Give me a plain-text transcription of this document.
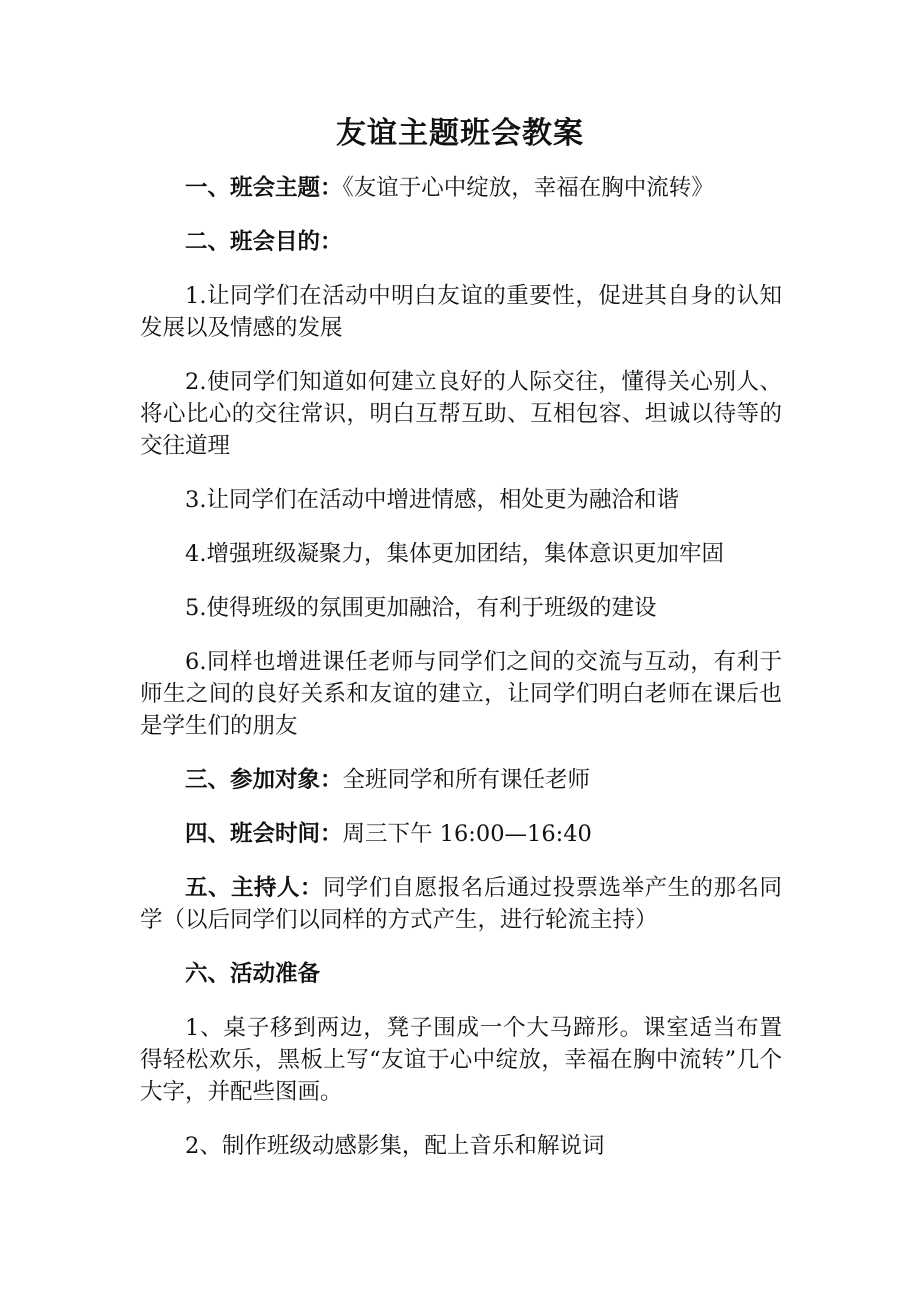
友谊主题班会教案

一、班会主题：《友谊于心中绽放，幸福在胸中流转》

二、班会目的：

1.让同学们在活动中明白友谊的重要性，促进其自身的认知发展以及情感的发展

2.使同学们知道如何建立良好的人际交往，懂得关心别人、将心比心的交往常识，明白互帮互助、互相包容、坦诚以待等的交往道理

3.让同学们在活动中增进情感，相处更为融洽和谐

4.增强班级凝聚力，集体更加团结，集体意识更加牢固

5.使得班级的氛围更加融洽，有利于班级的建设

6.同样也增进课任老师与同学们之间的交流与互动，有利于师生之间的良好关系和友谊的建立，让同学们明白老师在课后也是学生们的朋友

三、参加对象：全班同学和所有课任老师

四、班会时间：周三下午 16:00—16:40

五、主持人：同学们自愿报名后通过投票选举产生的那名同学（以后同学们以同样的方式产生，进行轮流主持）

六、活动准备

1、桌子移到两边，凳子围成一个大马蹄形。课室适当布置得轻松欢乐，黑板上写“友谊于心中绽放，幸福在胸中流转”几个大字，并配些图画。

2、制作班级动感影集，配上音乐和解说词
